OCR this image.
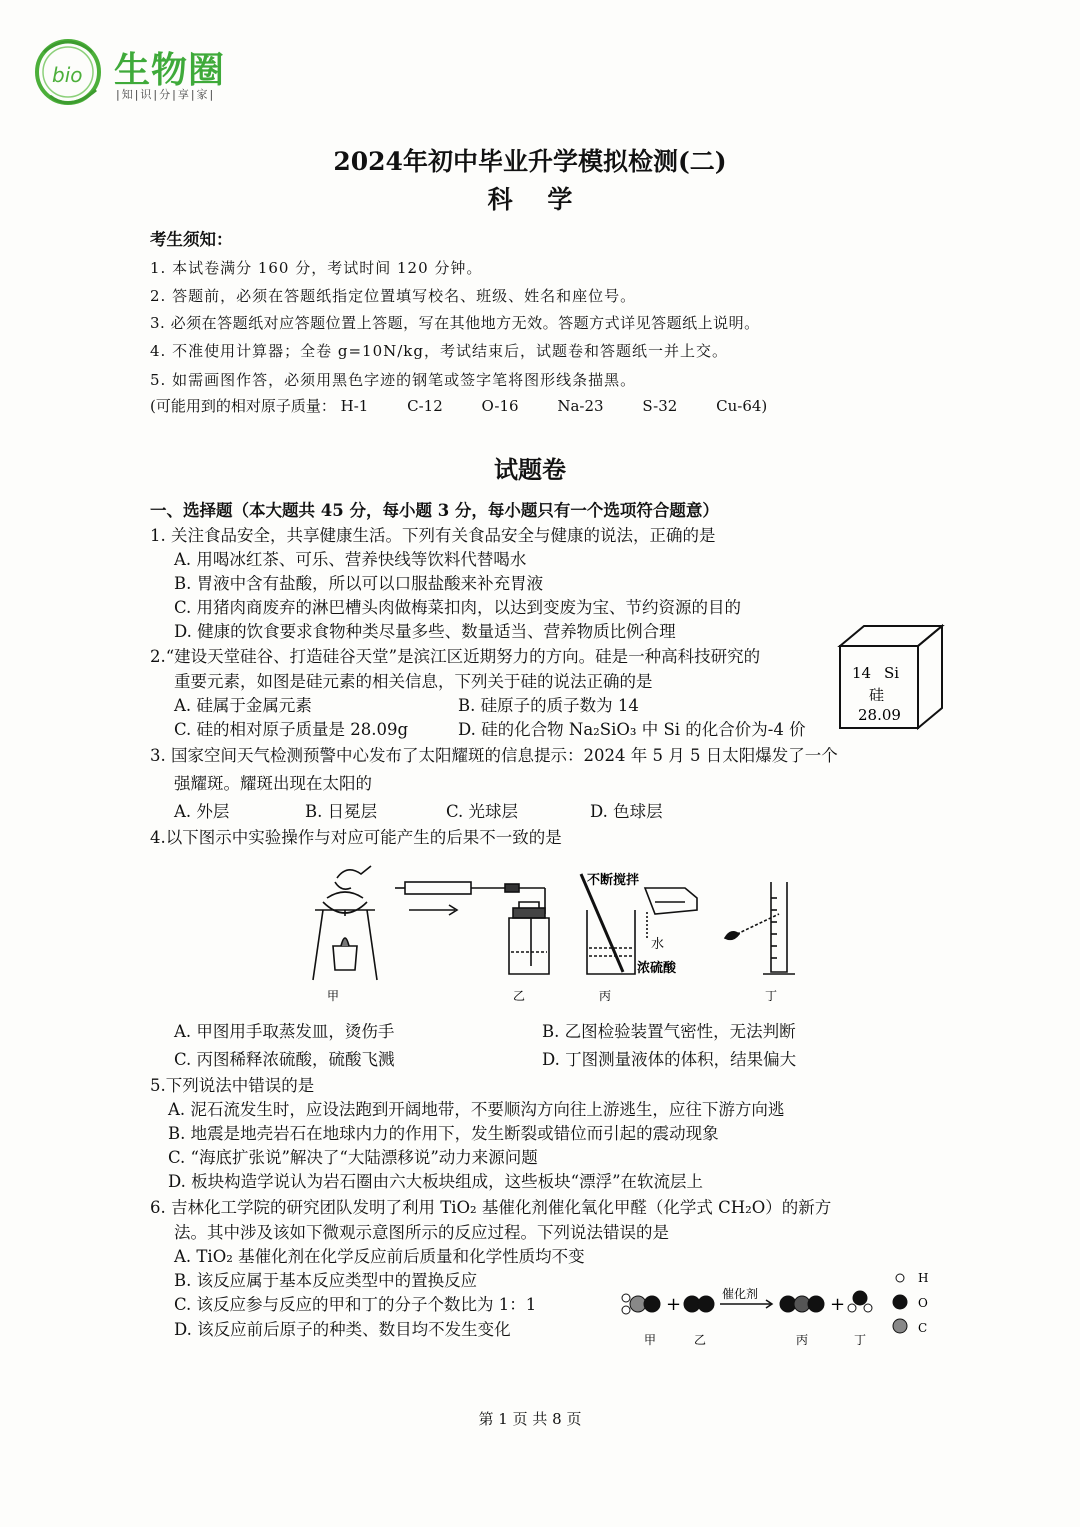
bio 生物圈
|知|识|分|享|家|
2024年初中毕业升学模拟检测(二)
科    学
考生须知：
1. 本试卷满分 160 分，考试时间 120 分钟。
2. 答题前，必须在答题纸指定位置填写校名、班级、姓名和座位号。
3. 必须在答题纸对应答题位置上答题，写在其他地方无效。答题方式详见答题纸上说明。
4. 不准使用计算器；全卷 g=10N/kg，考试结束后，试题卷和答题纸一并上交。
5. 如需画图作答，必须用黑色字迹的钢笔或签字笔将图形线条描黑。
(可能用到的相对原子质量： H-1	C-12	O-16	Na-23	S-32	Cu-64)
试题卷
一、选择题（本大题共 45 分，每小题 3 分，每小题只有一个选项符合题意）
1. 关注食品安全，共享健康生活。下列有关食品安全与健康的说法，正确的是
A. 用喝冰红茶、可乐、营养快线等饮料代替喝水
B. 胃液中含有盐酸，所以可以口服盐酸来补充胃液
C. 用猪肉商废弃的淋巴槽头肉做梅菜扣肉，以达到变废为宝、节约资源的目的
D. 健康的饮食要求食物种类尽量多些、数量适当、营养物质比例合理
2.“建设天堂硅谷、打造硅谷天堂”是滨江区近期努力的方向。硅是一种高科技研究的
重要元素，如图是硅元素的相关信息，下列关于硅的说法正确的是
A. 硅属于金属元素	B. 硅原子的质子数为 14
C. 硅的相对原子质量是 28.09g	D. 硅的化合物 Na₂SiO₃ 中 Si 的化合价为-4 价
14 Si
硅
28.09
3. 国家空间天气检测预警中心发布了太阳耀斑的信息提示：2024 年 5 月 5 日太阳爆发了一个
强耀斑。耀斑出现在太阳的
A. 外层	B. 日冕层	C. 光球层	D. 色球层
4.以下图示中实验操作与对应可能产生的后果不一致的是
不断搅拌
水
浓硫酸
甲	乙	丙	丁
A. 甲图用手取蒸发皿，烫伤手	B. 乙图检验装置气密性，无法判断
C. 丙图稀释浓硫酸，硫酸飞溅	D. 丁图测量液体的体积，结果偏大
5.下列说法中错误的是
A. 泥石流发生时，应设法跑到开阔地带，不要顺沟方向往上游逃生，应往下游方向逃
B. 地震是地壳岩石在地球内力的作用下，发生断裂或错位而引起的震动现象
C. “海底扩张说”解决了“大陆漂移说”动力来源问题
D. 板块构造学说认为岩石圈由六大板块组成，这些板块“漂浮”在软流层上
6. 吉林化工学院的研究团队发明了利用 TiO₂ 基催化剂催化氧化甲醛（化学式 CH₂O）的新方
法。其中涉及该如下微观示意图所示的反应过程。下列说法错误的是
A. TiO₂ 基催化剂在化学反应前后质量和化学性质均不变
B. 该反应属于基本反应类型中的置换反应
C. 该反应参与反应的甲和丁的分子个数比为 1：1
D. 该反应前后原子的种类、数目均不发生变化
+	催化剂	+
甲	乙	丙	丁
H
O
C
第 1 页 共 8 页
